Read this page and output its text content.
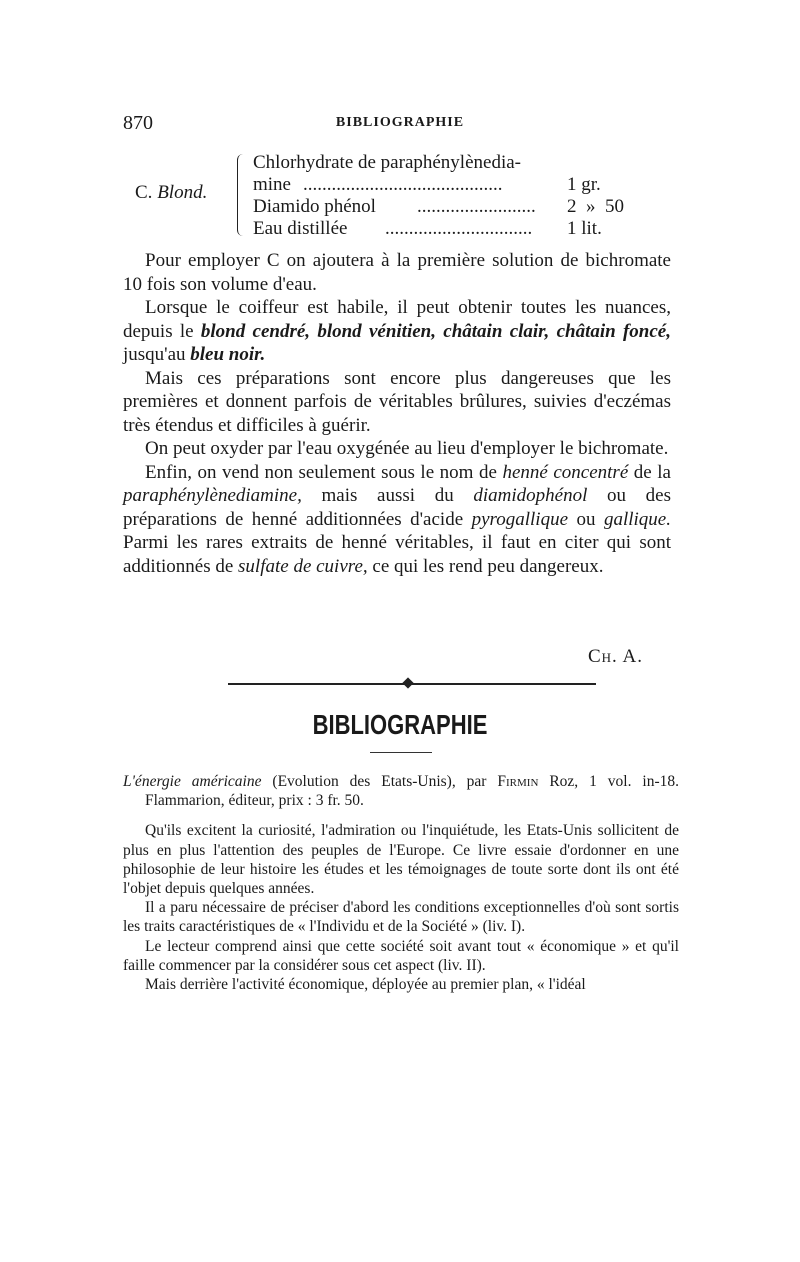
870	BIBLIOGRAPHIE
C. Blond.
Chlorhydrate de paraphénylènedia-
mine ..........................................	1 gr.
Diamido phénol .........................	2  »  50
Eau distillée ...............................	1 lit.

Pour employer C on ajoutera à la première solution de bichromate 10 fois son volume d'eau.

Lorsque le coiffeur est habile, il peut obtenir toutes les nuances, depuis le blond cendré, blond vénitien, châtain clair, châtain foncé, jusqu'au bleu noir.

Mais ces préparations sont encore plus dangereuses que les premières et donnent parfois de véritables brûlures, suivies d'eczémas très étendus et difficiles à guérir.

On peut oxyder par l'eau oxygénée au lieu d'employer le bichromate.

Enfin, on vend non seulement sous le nom de henné concentré de la paraphénylènediamine, mais aussi du diamidophénol ou des préparations de henné additionnées d'acide pyrogallique ou gallique. Parmi les rares extraits de henné véritables, il faut en citer qui sont additionnés de sulfate de cuivre, ce qui les rend peu dangereux.

Ch. A.
BIBLIOGRAPHIE

L'énergie américaine (Evolution des Etats-Unis), par Firmin Roz, 1 vol. in-18. Flammarion, éditeur, prix : 3 fr. 50.

Qu'ils excitent la curiosité, l'admiration ou l'inquiétude, les Etats-Unis sollicitent de plus en plus l'attention des peuples de l'Europe. Ce livre essaie d'ordonner en une philosophie de leur histoire les études et les témoignages de toute sorte dont ils ont été l'objet depuis quelques années.

Il a paru nécessaire de préciser d'abord les conditions exceptionnelles d'où sont sortis les traits caractéristiques de « l'Individu et de la Société » (liv. I).

Le lecteur comprend ainsi que cette société soit avant tout « économique » et qu'il faille commencer par la considérer sous cet aspect (liv. II).

Mais derrière l'activité économique, déployée au premier plan, « l'idéal
